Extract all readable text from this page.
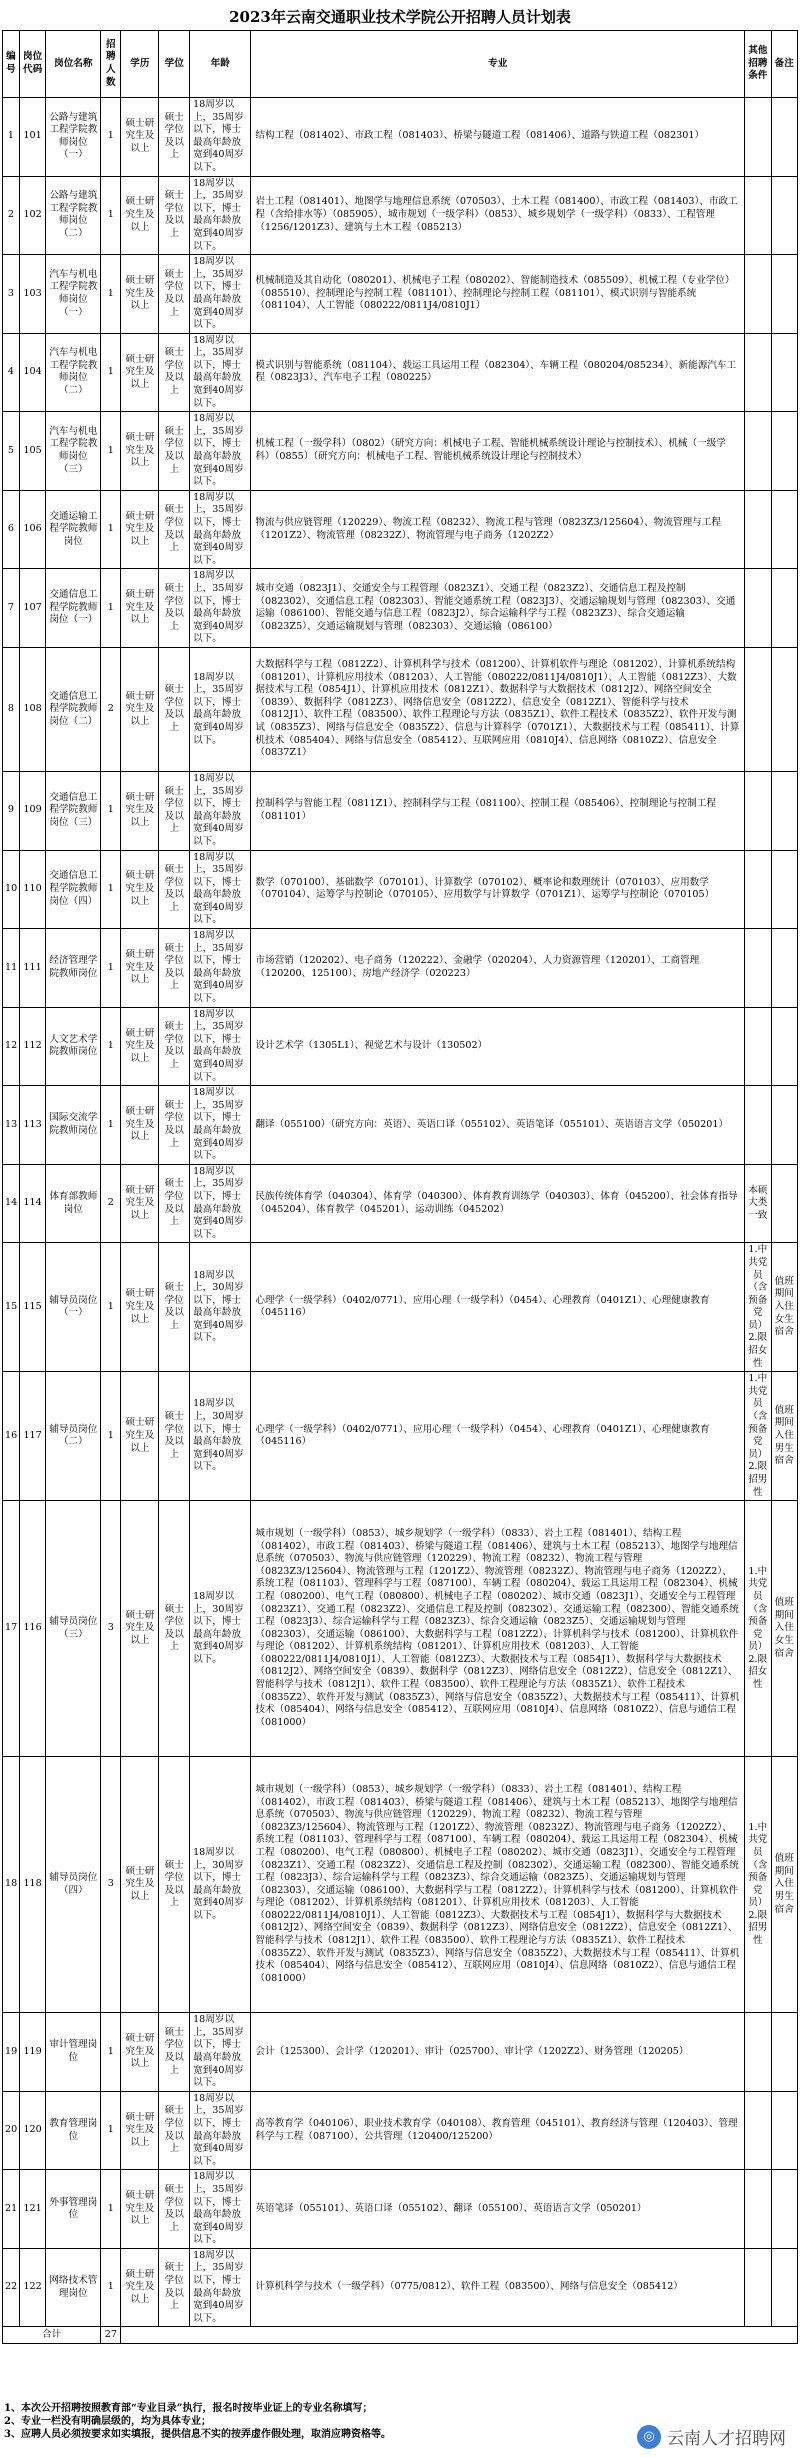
2023年云南交通职业技术学院公开招聘人员计划表
编号	岗位代码	岗位名称	招聘人数	学历	学位	年龄	专业	其他招聘条件	备注
1	101	公路与建筑工程学院教师岗位（一）	1	硕士研究生及以上	硕士学位及以上	18周岁以上，35周岁以下，博士最高年龄放宽到40周岁以下。	结构工程（081402）、市政工程（081403）、桥梁与隧道工程（081406）、道路与铁道工程（082301）		
2	102	公路与建筑工程学院教师岗位（二）	1	硕士研究生及以上	硕士学位及以上	18周岁以上，35周岁以下，博士最高年龄放宽到40周岁以下。	岩土工程（081401）、地图学与地理信息系统（070503）、土木工程（081400）、市政工程（081403）、市政工程（含给排水等）（085905）、城市规划（一级学科）（0853）、城乡规划学（一级学科）（0833）、工程管理（1256/1201Z3）、建筑与土木工程（085213）		
3	103	汽车与机电工程学院教师岗位（一）	1	硕士研究生及以上	硕士学位及以上	18周岁以上，35周岁以下，博士最高年龄放宽到40周岁以下。	机械制造及其自动化（080201）、机械电子工程（080202）、智能制造技术（085509）、机械工程（专业学位）（085510）、控制理论与控制工程（081101）、控制理论与控制工程（081101）、模式识别与智能系统（081104）、人工智能（080222/0811J4/0810J1）		
4	104	汽车与机电工程学院教师岗位（二）	1	硕士研究生及以上	硕士学位及以上	18周岁以上，35周岁以下，博士最高年龄放宽到40周岁以下。	模式识别与智能系统（081104）、载运工具运用工程（082304）、车辆工程（080204/085234）、新能源汽车工程（0823J3）、汽车电子工程（080225）		
5	105	汽车与机电工程学院教师岗位（三）	1	硕士研究生及以上	硕士学位及以上	18周岁以上，35周岁以下，博士最高年龄放宽到40周岁以下。	机械工程（一级学科）（0802）（研究方向：机械电子工程、智能机械系统设计理论与控制技术）、机械（一级学科）（0855）（研究方向：机械电子工程、智能机械系统设计理论与控制技术）		
6	106	交通运输工程学院教师岗位	1	硕士研究生及以上	硕士学位及以上	18周岁以上，35周岁以下，博士最高年龄放宽到40周岁以下。	物流与供应链管理（120229）、物流工程（08232）、物流工程与管理（0823Z3/125604）、物流管理与工程（1201Z2）、物流管理（08232Z）、物流管理与电子商务（1202Z2）		
7	107	交通信息工程学院教师岗位（一）	1	硕士研究生及以上	硕士学位及以上	18周岁以上，35周岁以下，博士最高年龄放宽到40周岁以下。	城市交通（0823J1）、交通安全与工程管理（0823Z1）、交通工程（0823Z2）、交通信息工程及控制（082302）、交通信息工程（082303）、智能交通系统工程（0823J3）、交通运输规划与管理（082303）、交通运输（086100）、智能交通与信息工程（0823J2）、综合运输科学与工程（0823Z3）、综合交通运输（0823Z5）、交通运输规划与管理（082303）、交通运输（086100）		
8	108	交通信息工程学院教师岗位（二）	2	硕士研究生及以上	硕士学位及以上	18周岁以上，35周岁以下，博士最高年龄放宽到40周岁以下。	大数据科学与工程（0812Z2）、计算机科学与技术（081200）、计算机软件与理论（081202）、计算机系统结构（081201）、计算机应用技术（081203）、人工智能（080222/0811J4/0810J1）、人工智能（0812Z3）、大数据技术与工程（0854J1）、计算机应用技术（0812Z1）、数据科学与大数据技术（0812J2）、网络空间安全（0839）、数据科学（0812Z3）、网络信息安全（0812Z2）、信息安全（0812Z1）、智能科学与技术（0812J1）、软件工程（083500）、软件工程理论与方法（0835Z1）、软件工程技术（0835Z2）、软件开发与测试（0835Z3）、网络与信息安全（0835Z2）、信息与计算科学（0701Z1）、大数据技术与工程（085411）、计算机技术（085404）、网络与信息安全（085412）、互联网应用（0810J4）、信息网络（0810Z2）、信息安全（0837Z1）		
9	109	交通信息工程学院教师岗位（三）	1	硕士研究生及以上	硕士学位及以上	18周岁以上，35周岁以下，博士最高年龄放宽到40周岁以下。	控制科学与智能工程（0811Z1）、控制科学与工程（081100）、控制工程（085406）、控制理论与控制工程（081101）		
10	110	交通信息工程学院教师岗位（四）	1	硕士研究生及以上	硕士学位及以上	18周岁以上，35周岁以下，博士最高年龄放宽到40周岁以下。	数学（070100）、基础数学（070101）、计算数学（070102）、概率论和数理统计（070103）、应用数学（070104）、运筹学与控制论（070105）、应用数学与计算数学（0701Z1）、运筹学与控制论（070105）		
11	111	经济管理学院教师岗位	1	硕士研究生及以上	硕士学位及以上	18周岁以上，35周岁以下，博士最高年龄放宽到40周岁以下。	市场营销（120202）、电子商务（120222）、金融学（020204）、人力资源管理（120201）、工商管理（120200、125100）、房地产经济学（020223）		
12	112	人文艺术学院教师岗位	1	硕士研究生及以上	硕士学位及以上	18周岁以上，35周岁以下，博士最高年龄放宽到40周岁以下。	设计艺术学（1305L1）、视觉艺术与设计（130502）		
13	113	国际交流学院教师岗位	1	硕士研究生及以上	硕士学位及以上	18周岁以上，35周岁以下，博士最高年龄放宽到40周岁以下。	翻译（055100）（研究方向：英语）、英语口译（055102）、英语笔译（055101）、英语语言文学（050201）		
14	114	体育部教师岗位	2	硕士研究生及以上	硕士学位及以上	18周岁以上，35周岁以下，博士最高年龄放宽到40周岁以下。	民族传统体育学（040304）、体育学（040300）、体育教育训练学（040303）、体育（045200）、社会体育指导（045204）、体育教学（045201）、运动训练（045202）	本硕大类一致	
15	115	辅导员岗位（一）	1	硕士研究生及以上	硕士学位及以上	18周岁以上，30周岁以下，博士最高年龄放宽到40周岁以下。	心理学（一级学科）（0402/0771）、应用心理（一级学科）（0454）、心理教育（0401Z1）、心理健康教育（045116）	1.中共党员（含预备党员）2.限招女性	值班期间入住女生宿舍
16	117	辅导员岗位（二）	1	硕士研究生及以上	硕士学位及以上	18周岁以上，30周岁以下，博士最高年龄放宽到40周岁以下。	心理学（一级学科）（0402/0771）、应用心理（一级学科）（0454）、心理教育（0401Z1）、心理健康教育（045116）	1.中共党员（含预备党员）2.限招男性	值班期间入住男生宿舍
17	116	辅导员岗位（三）	3	硕士研究生及以上	硕士学位及以上	18周岁以上，30周岁以下，博士最高年龄放宽到40周岁以下。	城市规划（一级学科）（0853）、城乡规划学（一级学科）（0833）、岩土工程（081401）、结构工程（081402）、市政工程（081403）、桥梁与隧道工程（081406）、建筑与土木工程（085213）、地图学与地理信息系统（070503）、物流与供应链管理（120229）、物流工程（08232）、物流工程与管理（0823Z3/125604）、物流管理与工程（1201Z2）、物流管理（08232Z）、物流管理与电子商务（1202Z2）、系统工程（081103）、管理科学与工程（087100）、车辆工程（080204）、载运工具运用工程（082304）、机械工程（080200）、电气工程（080800）、机械电子工程（080202）、城市交通（0823J1）、交通安全与工程管理（0823Z1）、交通工程（0823Z2）、交通信息工程及控制（082302）、交通运输工程（082300）、智能交通系统工程（0823J3）、综合运输科学与工程（0823Z3）、综合交通运输（0823Z5）、交通运输规划与管理（082303）、交通运输（086100）、大数据科学与工程（0812Z2）、计算机科学与技术（081200）、计算机软件与理论（081202）、计算机系统结构（081201）、计算机应用技术（081203）、人工智能（080222/0811J4/0810J1）、人工智能（0812Z3）、大数据技术与工程（0854J1）、数据科学与大数据技术（0812J2）、网络空间安全（0839）、数据科学（0812Z3）、网络信息安全（0812Z2）、信息安全（0812Z1）、智能科学与技术（0812J1）、软件工程（083500）、软件工程理论与方法（0835Z1）、软件工程技术（0835Z2）、软件开发与测试（0835Z3）、网络与信息安全（0835Z2）、大数据技术与工程（085411）、计算机技术（085404）、网络与信息安全（085412）、互联网应用（0810J4）、信息网络（0810Z2）、信息与通信工程（081000）	1.中共党员（含预备党员）2.限招女性	值班期间入住女生宿舍
18	118	辅导员岗位（四）	3	硕士研究生及以上	硕士学位及以上	18周岁以上，30周岁以下，博士最高年龄放宽到40周岁以下。	城市规划（一级学科）（0853）、城乡规划学（一级学科）（0833）、岩土工程（081401）、结构工程（081402）、市政工程（081403）、桥梁与隧道工程（081406）、建筑与土木工程（085213）、地图学与地理信息系统（070503）、物流与供应链管理（120229）、物流工程（08232）、物流工程与管理（0823Z3/125604）、物流管理与工程（1201Z2）、物流管理（08232Z）、物流管理与电子商务（1202Z2）、系统工程（081103）、管理科学与工程（087100）、车辆工程（080204）、载运工具运用工程（082304）、机械工程（080200）、电气工程（080800）、机械电子工程（080202）、城市交通（0823J1）、交通安全与工程管理（0823Z1）、交通工程（0823Z2）、交通信息工程及控制（082302）、交通运输工程（082300）、智能交通系统工程（0823J3）、综合运输科学与工程（0823Z3）、综合交通运输（0823Z5）、交通运输规划与管理（082303）、交通运输（086100）、大数据科学与工程（0812Z2）、计算机科学与技术（081200）、计算机软件与理论（081202）、计算机系统结构（081201）、计算机应用技术（081203）、人工智能（080222/0811J4/0810J1）、人工智能（0812Z3）、大数据技术与工程（0854J1）、数据科学与大数据技术（0812J2）、网络空间安全（0839）、数据科学（0812Z3）、网络信息安全（0812Z2）、信息安全（0812Z1）、智能科学与技术（0812J1）、软件工程（083500）、软件工程理论与方法（0835Z1）、软件工程技术（0835Z2）、软件开发与测试（0835Z3）、网络与信息安全（0835Z2）、大数据技术与工程（085411）、计算机技术（085404）、网络与信息安全（085412）、互联网应用（0810J4）、信息网络（0810Z2）、信息与通信工程（081000）	1.中共党员（含预备党员）2.限招男性	值班期间入住男生宿舍
19	119	审计管理岗位	1	硕士研究生及以上	硕士学位及以上	18周岁以上，35周岁以下，博士最高年龄放宽到40周岁以下。	会计（125300）、会计学（120201）、审计（025700）、审计学（1202Z2）、财务管理（120205）		
20	120	教育管理岗位	1	硕士研究生及以上	硕士学位及以上	18周岁以上，35周岁以下，博士最高年龄放宽到40周岁以下。	高等教育学（040106）、职业技术教育学（040108）、教育管理（045101）、教育经济与管理（120403）、管理科学与工程（087100）、公共管理（120400/125200）		
21	121	外事管理岗位	1	硕士研究生及以上	硕士学位及以上	18周岁以上，35周岁以下，博士最高年龄放宽到40周岁以下。	英语笔译（055101）、英语口译（055102）、翻译（055100）、英语语言文学（050201）		
22	122	网络技术管理岗位	1	硕士研究生及以上	硕士学位及以上	18周岁以上，35周岁以下，博士最高年龄放宽到40周岁以下。	计算机科学与技术（一级学科）（0775/0812）、软件工程（083500）、网络与信息安全（085412）		
合计			27						
1、本次公开招聘按照教育部“专业目录”执行，报名时按毕业证上的专业名称填写；
2、专业一栏没有明确层级的，均为具体专业；
3、应聘人员必须按要求如实填报，提供信息不实的按弄虚作假处理，取消应聘资格等。	◎ 云南人才招聘网
